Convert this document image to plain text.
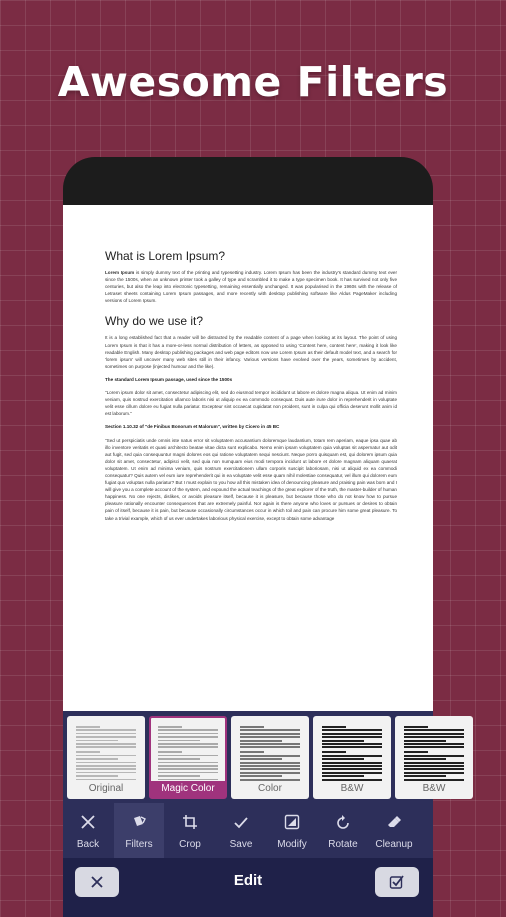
Awesome Filters
What is Lorem Ipsum?

Lorem Ipsum is simply dummy text of the printing and typesetting industry. Lorem Ipsum has been the industry's standard dummy text ever since the 1500s, when an unknown printer took a galley of type and scrambled it to make a type specimen book. It has survived not only five centuries, but also the leap into electronic typesetting, remaining essentially unchanged. It was popularised in the 1960s with the release of Letraset sheets containing Lorem Ipsum passages, and more recently with desktop publishing software like Aldus PageMaker including versions of Lorem Ipsum.

Why do we use it?

It is a long established fact that a reader will be distracted by the readable content of a page when looking at its layout. The point of using Lorem Ipsum is that it has a more-or-less normal distribution of letters, as opposed to using 'Content here, content here', making it look like readable English. Many desktop publishing packages and web page editors now use Lorem Ipsum as their default model text, and a search for 'lorem ipsum' will uncover many web sites still in their infancy. Various versions have evolved over the years, sometimes by accident, sometimes on purpose (injected humour and the like).

The standard Lorem Ipsum passage, used since the 1500s

"Lorem ipsum dolor sit amet, consectetur adipiscing elit, sed do eiusmod tempor incididunt ut labore et dolore magna aliqua. Ut enim ad minim veniam, quis nostrud exercitation ullamco laboris nisi ut aliquip ex ea commodo consequat. Duis aute irure dolor in reprehenderit in voluptate velit esse cillum dolore eu fugiat nulla pariatur. Excepteur sint occaecat cupidatat non proident, sunt in culpa qui officia deserunt mollit anim id est laborum."

Section 1.10.32 of "de Finibus Bonorum et Malorum", written by Cicero in 45 BC

"Sed ut perspiciatis unde omnis iste natus error sit voluptatem accusantium doloremque laudantium, totam rem aperiam, eaque ipsa quae ab illo inventore veritatis et quasi architecto beatae vitae dicta sunt explicabo. Nemo enim ipsam voluptatem quia voluptas sit aspernatur aut odit aut fugit, sed quia consequuntur magni dolores eos qui ratione voluptatem sequi nesciunt. Neque porro quisquam est, qui dolorem ipsum quia dolor sit amet, consectetur, adipisci velit, sed quia non numquam eius modi tempora incidunt ut labore et dolore magnam aliquam quaerat voluptatem. Ut enim ad minima veniam, quis nostrum exercitationem ullam corporis suscipit laboriosam, nisi ut aliquid ex ea commodi consequatur? Quis autem vel eum iure reprehenderit qui in ea voluptate velit esse quam nihil molestiae consequatur, vel illum qui dolorem eum fugiat quo voluptas nulla pariatur? But I must explain to you how all this mistaken idea of denouncing pleasure and praising pain was born and I will give you a complete account of the system, and expound the actual teachings of the great explorer of the truth, the master-builder of human happiness. No one rejects, dislikes, or avoids pleasure itself, because it is pleasure, but because those who do not know how to pursue pleasure rationally encounter consequences that are extremely painful. Nor again is there anyone who loves or pursues or desires to obtain pain of itself, because it is pain, but because occasionally circumstances occur in which toil and pain can procure him some great pleasure. To take a trivial example, which of us ever undertakes laborious physical exercise, except to obtain some advantage

Original	Magic Color	Color	B&W	B&W
Back	Filters	Crop	Save	Modify	Rotate	Cleanup
Edit
